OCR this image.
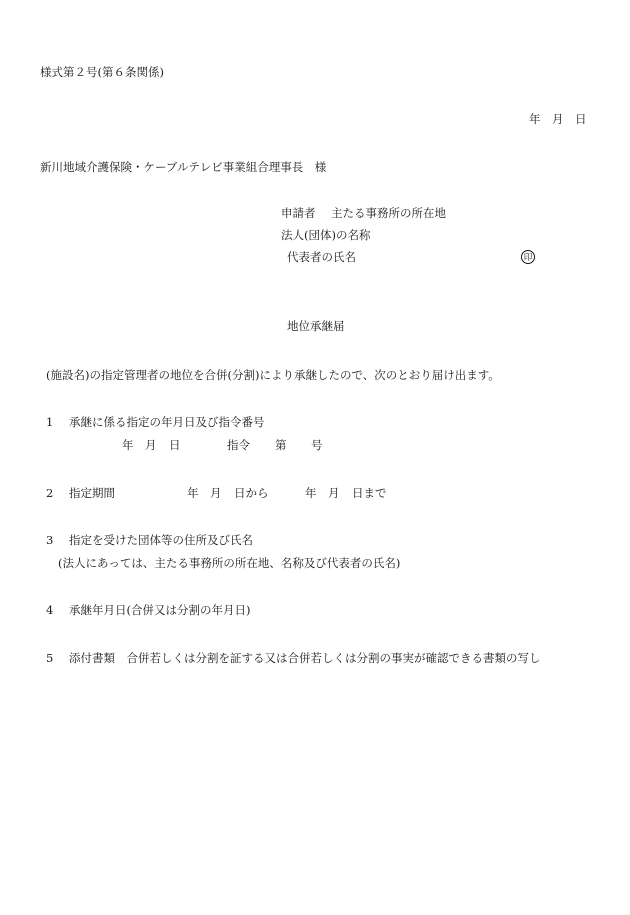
様式第２号(第６条関係)
年 月 日
新川地域介護保険・ケーブルテレビ事業組合理事長　様
申請者 主たる事務所の所在地
法人(団体)の名称
代表者の氏名	印
地位承継届
(施設名)の指定管理者の地位を合併(分割)により承継したので、次のとおり届け出ます。
1 承継に係る指定の年月日及び指令番号
年 月 日	指令 第 号
2 指定期間	年 月 日から	年 月 日まで
3 指定を受けた団体等の住所及び氏名
(法人にあっては、主たる事務所の所在地、名称及び代表者の氏名)
4 承継年月日(合併又は分割の年月日)
5 添付書類　合併若しくは分割を証する又は合併若しくは分割の事実が確認できる書類の写し
